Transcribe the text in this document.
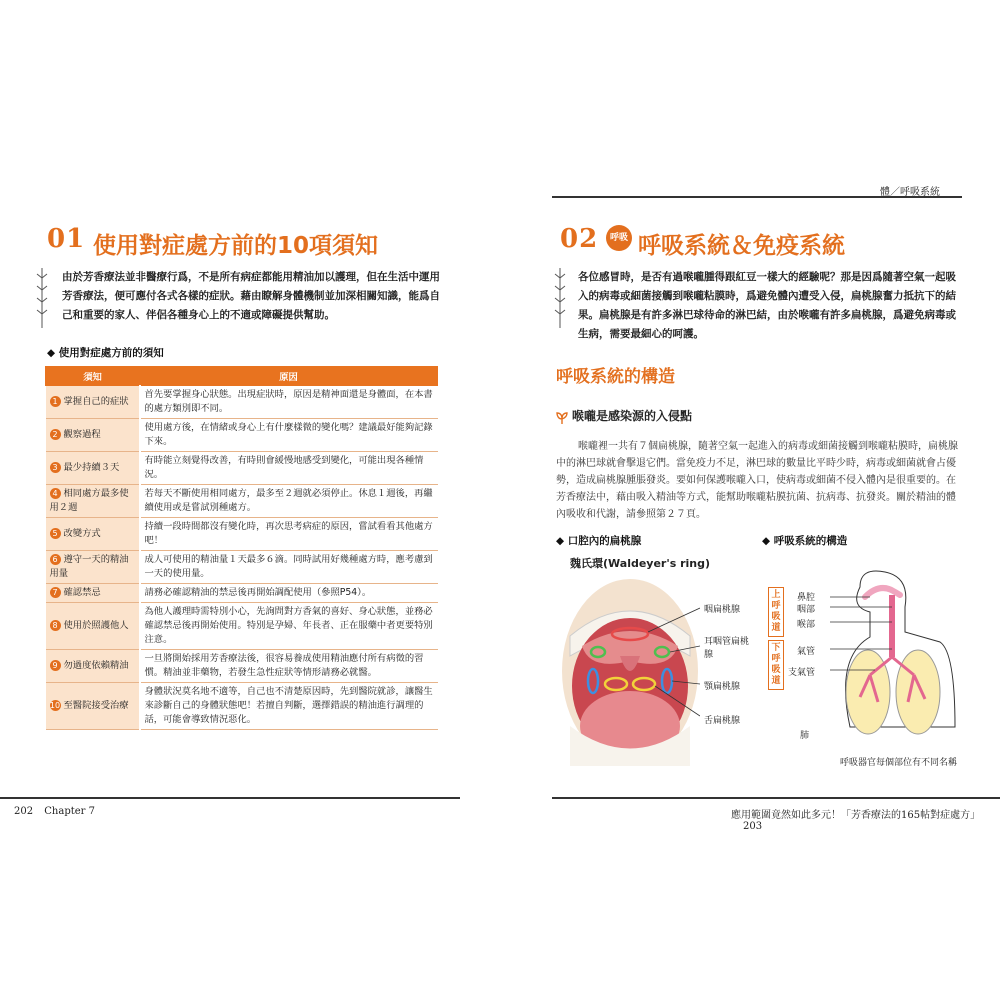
01 使用對症處方前的10項須知
由於芳香療法並非醫療行爲，不是所有病症都能用精油加以護理，但在生活中運用芳香療法，便可應付各式各樣的症狀。藉由瞭解身體機制並加深相關知識，能爲自己和重要的家人、伴侶各種身心上的不適或障礙提供幫助。
◆ 使用對症處方前的須知
須知	原因
1 掌握自己的症狀	首先要掌握身心狀態。出現症狀時，原因是精神面還是身體面，在本書的處方類別即不同。
2 觀察過程	使用處方後，在情緒或身心上有什麼樣微的變化嗎？建議最好能夠記錄下來。
3 最少持續３天	有時能立刻覺得改善，有時則會緩慢地感受到變化，可能出現各種情況。
4 相同處方最多使用２週	若每天不斷使用相同處方，最多至２週就必須停止。休息１週後，再繼續使用或是嘗試別種處方。
5 改變方式	持續一段時間都沒有變化時，再次思考病症的原因，嘗試看看其他處方吧！
6 遵守一天的精油用量	成人可使用的精油量１天最多６滴。同時試用好幾種處方時，應考慮到一天的使用量。
7 確認禁忌	請務必確認精油的禁忌後再開始調配使用（參照P54）。
8 使用於照護他人	為他人護理時需特別小心，先詢問對方香氣的喜好、身心狀態，並務必確認禁忌後再開始使用。特別是孕婦、年長者、正在服藥中者更要特別注意。
9 勿過度依賴精油	一旦將開始採用芳香療法後，很容易養成使用精油應付所有病徵的習慣。精油並非藥物，若發生急性症狀等情形請務必就醫。
10 至醫院接受治療	身體狀況莫名地不適等，自己也不清楚原因時，先到醫院就診，讓醫生來診斷自己的身體狀態吧！若擅自判斷，選擇錯誤的精油進行調理的話，可能會導致情況惡化。
202 Chapter 7
體／呼吸系統
02	呼吸 呼吸系統＆免疫系統
各位感冒時，是否有過喉嚨腫得跟紅豆一樣大的經驗呢？那是因爲隨著空氣一起吸入的病毒或細菌接觸到喉嚨粘膜時，爲避免體內遭受入侵，扁桃腺奮力抵抗下的結果。扁桃腺是有許多淋巴球待命的淋巴結，由於喉嚨有許多扁桃腺，爲避免病毒或生病，需要最細心的呵護。
呼吸系統的構造
喉嚨是感染源的入侵點
喉嚨裡一共有７個扁桃腺，隨著空氣一起進入的病毒或細菌接觸到喉嚨粘膜時，扁桃腺中的淋巴球就會擊退它們。當免疫力不足，淋巴球的數量比平時少時，病毒或細菌就會占優勢，造成扁桃腺腫脹發炎。要如何保護喉嚨入口，使病毒或細菌不侵入體內是很重要的。在芳香療法中，藉由吸入精油等方式，能幫助喉嚨粘膜抗菌、抗病毒、抗發炎。關於精油的體內吸收和代謝，請參照第２７頁。
◆ 口腔內的扁桃腺
魏氏環(Waldeyer's ring)
咽扁桃腺
耳咽管扁桃腺
顎扁桃腺
舌扁桃腺
◆ 呼吸系統的構造
上呼吸道
下呼吸道
鼻腔
咽部
喉部
氣管
支氣管
肺
呼吸器官每個部位有不同名稱
應用範圍竟然如此多元！「芳香療法的165帖對症處方」 203
